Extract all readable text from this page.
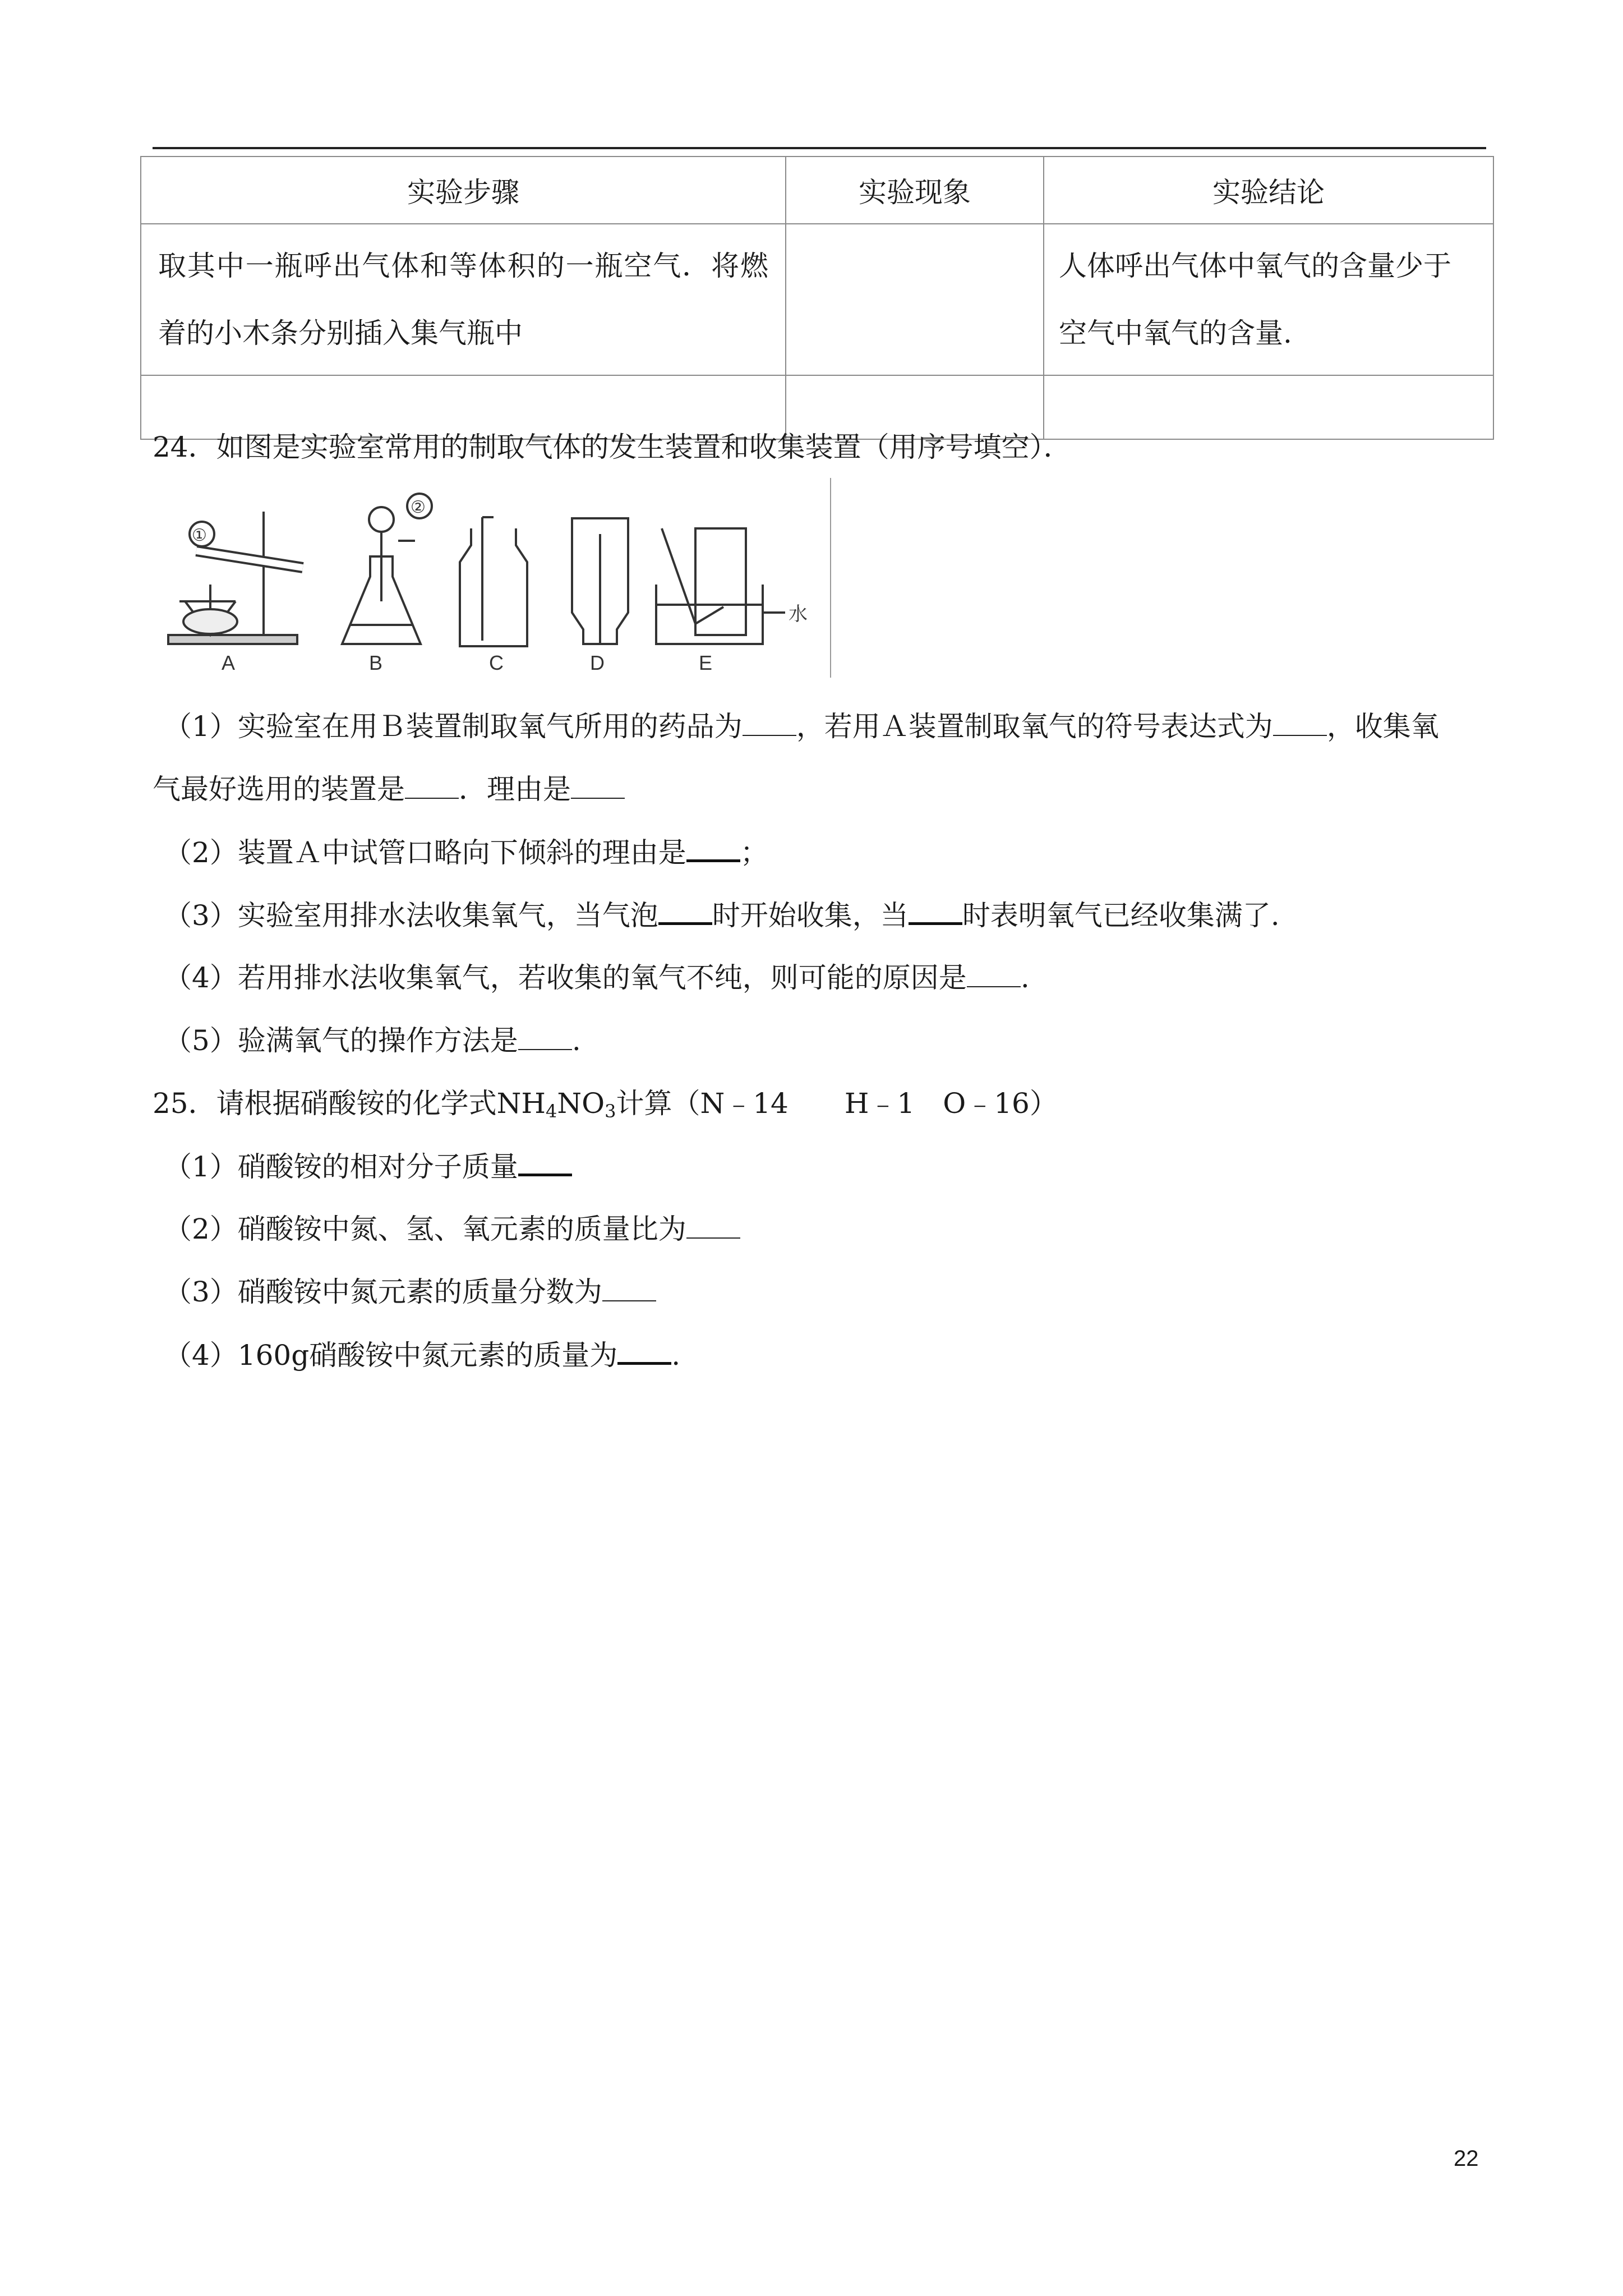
实验步骤	实验现象	实验结论
取其中一瓶呼出气体和等体积的一瓶空气．将燃着的小木条分别插入集气瓶中		人体呼出气体中氧气的含量少于空气中氧气的含量.

24．如图是实验室常用的制取气体的发生装置和收集装置（用序号填空）．
A	B	C	D	E
①
②
水
（1）实验室在用Ｂ装置制取氧气所用的药品为 ，若用Ａ装置制取氧气的符号表达式为 ，收集氧
气最好选用的装置是 ．理由是
（2）装置Ａ中试管口略向下倾斜的理由是 ；
（3）实验室用排水法收集氧气，当气泡 时开始收集，当 时表明氧气已经收集满了.
（4）若用排水法收集氧气，若收集的氧气不纯，则可能的原因是 .
（5）验满氧气的操作方法是 .
25．请根据硝酸铵的化学式$NH_4NO_3$计算（N﹣14　　H﹣1　O﹣16）
（1）硝酸铵的相对分子质量
（2）硝酸铵中氮、氢、氧元素的质量比为
（3）硝酸铵中氮元素的质量分数为
（4）160g硝酸铵中氮元素的质量为 .
22
